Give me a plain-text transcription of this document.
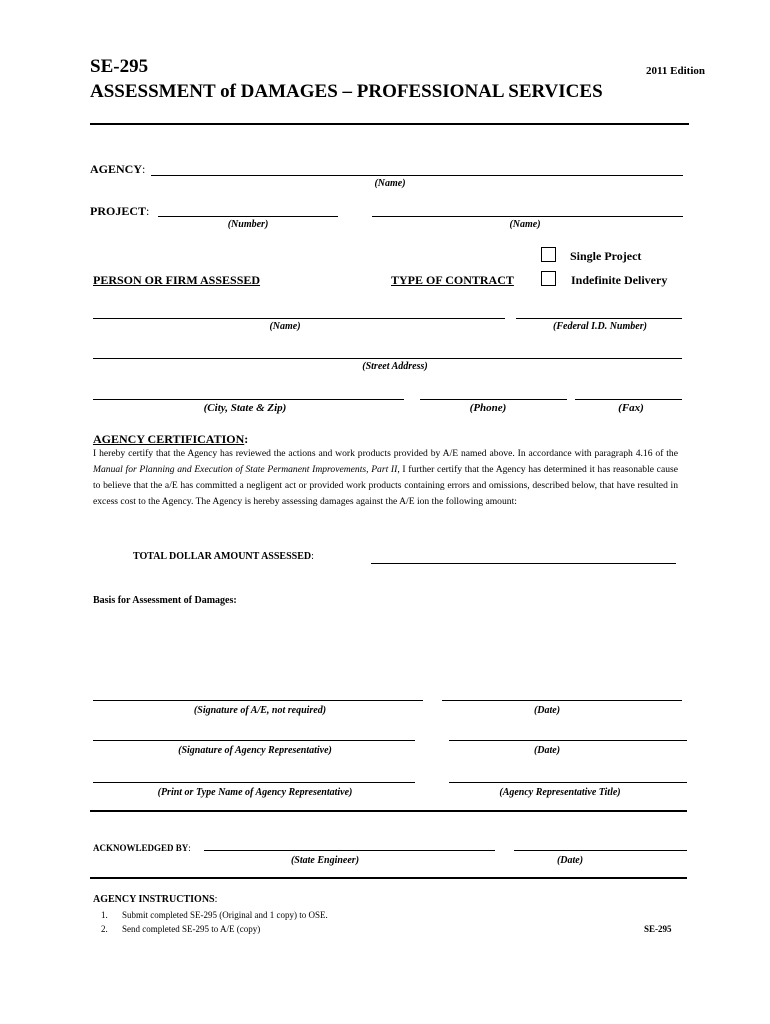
SE-295	2011 Edition
ASSESSMENT of DAMAGES – PROFESSIONAL SERVICES
AGENCY:
(Name)
PROJECT:
(Number)	(Name)
Single Project
PERSON OR FIRM ASSESSED	TYPE OF CONTRACT	Indefinite Delivery
(Name)	(Federal I.D. Number)
(Street Address)
(City, State & Zip)	(Phone)	(Fax)
AGENCY CERTIFICATION:
I hereby certify that the Agency has reviewed the actions and work products provided by A/E named above. In accordance with paragraph 4.16 of the Manual for Planning and Execution of State Permanent Improvements, Part II, I further certify that the Agency has determined it has reasonable cause to believe that the a/E has committed a negligent act or provided work products containing errors and omissions, described below, that have resulted in excess cost to the Agency. The Agency is hereby assessing damages against the A/E ion the following amount:
TOTAL DOLLAR AMOUNT ASSESSED:
Basis for Assessment of Damages:
(Signature of A/E, not required)	(Date)
(Signature of Agency Representative)	(Date)
(Print or Type Name of Agency Representative)	(Agency Representative Title)
ACKNOWLEDGED BY:
(State Engineer)	(Date)
AGENCY INSTRUCTIONS:
1. Submit completed SE-295 (Original and 1 copy) to OSE.
2. Send completed SE-295 to A/E (copy)	SE-295
